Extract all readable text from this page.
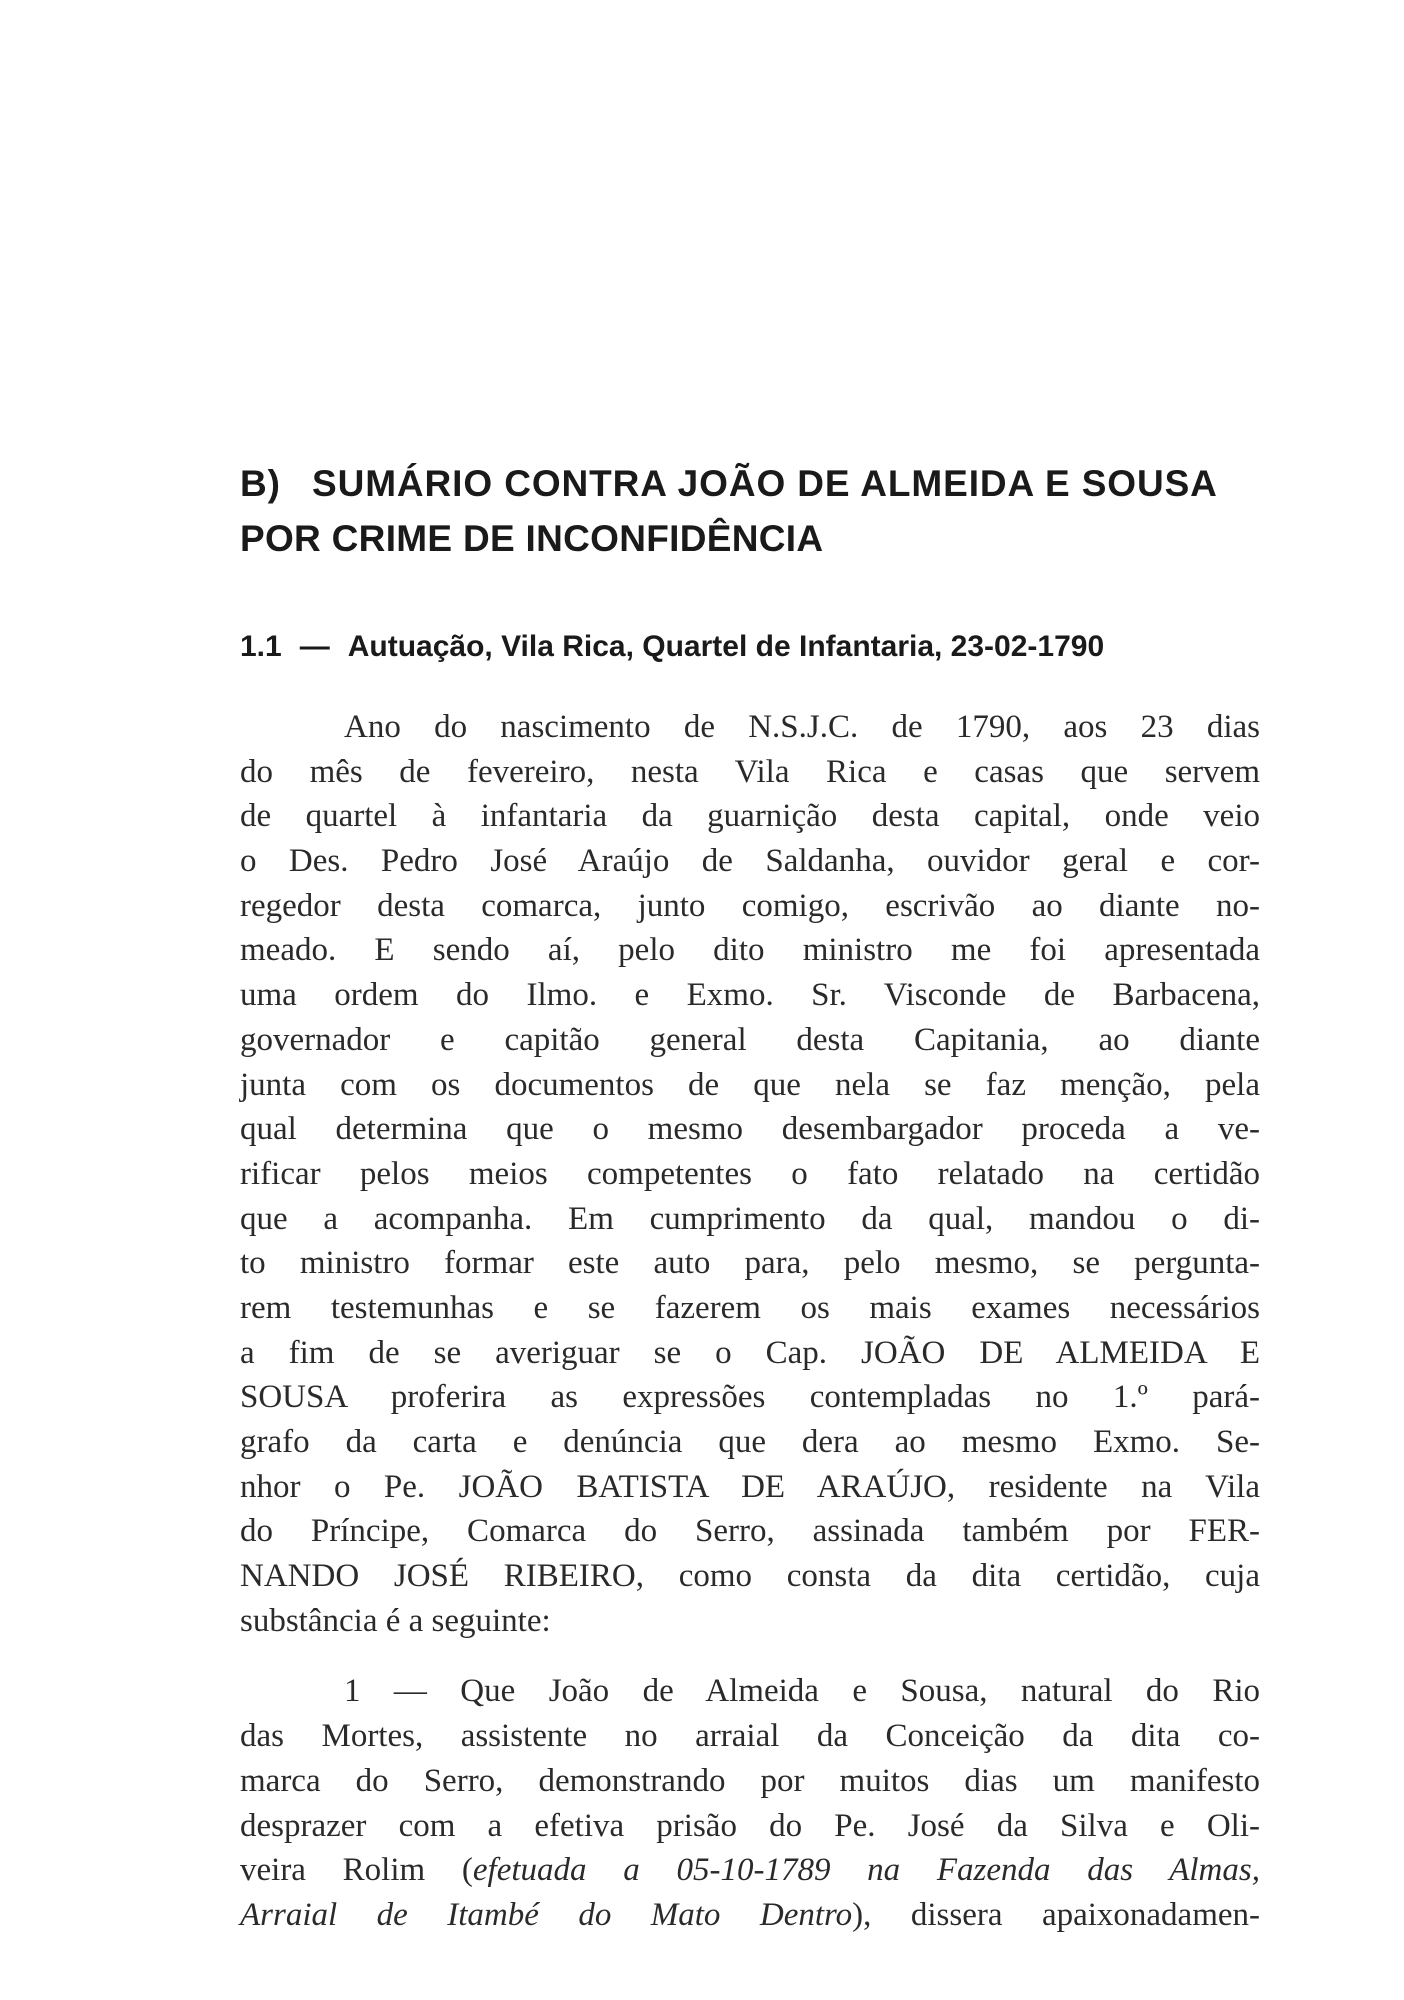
B) SUMÁRIO CONTRA JOÃO DE ALMEIDA E SOUSA
POR CRIME DE INCONFIDÊNCIA
1.1 — Autuação, Vila Rica, Quartel de Infantaria, 23-02-1790
Ano do nascimento de N.S.J.C. de 1790, aos 23 dias
do mês de fevereiro, nesta Vila Rica e casas que servem
de quartel à infantaria da guarnição desta capital, onde veio
o Des. Pedro José Araújo de Saldanha, ouvidor geral e cor-
regedor desta comarca, junto comigo, escrivão ao diante no-
meado. E sendo aí, pelo dito ministro me foi apresentada
uma ordem do Ilmo. e Exmo. Sr. Visconde de Barbacena,
governador e capitão general desta Capitania, ao diante
junta com os documentos de que nela se faz menção, pela
qual determina que o mesmo desembargador proceda a ve-
rificar pelos meios competentes o fato relatado na certidão
que a acompanha. Em cumprimento da qual, mandou o di-
to ministro formar este auto para, pelo mesmo, se pergunta-
rem testemunhas e se fazerem os mais exames necessários
a fim de se averiguar se o Cap. JOÃO DE ALMEIDA E
SOUSA proferira as expressões contempladas no 1.º pará-
grafo da carta e denúncia que dera ao mesmo Exmo. Se-
nhor o Pe. JOÃO BATISTA DE ARAÚJO, residente na Vila
do Príncipe, Comarca do Serro, assinada também por FER-
NANDO JOSÉ RIBEIRO, como consta da dita certidão, cuja
substância é a seguinte:
1 — Que João de Almeida e Sousa, natural do Rio
das Mortes, assistente no arraial da Conceição da dita co-
marca do Serro, demonstrando por muitos dias um manifesto
desprazer com a efetiva prisão do Pe. José da Silva e Oli-
veira Rolim (efetuada a 05-10-1789 na Fazenda das Almas,
Arraial de Itambé do Mato Dentro), dissera apaixonadamen-
